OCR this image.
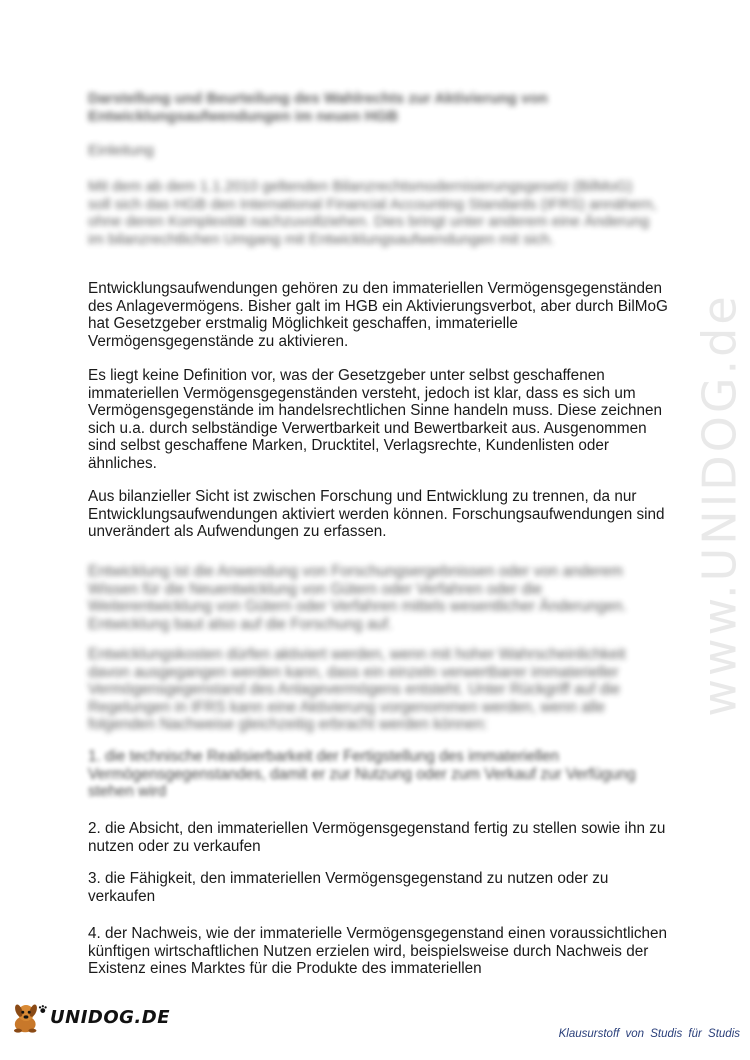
Darstellung und Beurteilung des Wahlrechts zur Aktivierung von Entwicklungsaufwendungen im neuen HGB
Einleitung
Mit dem ab dem 1.1.2010 geltenden Bilanzrechtsmodernisierungsgesetz (BilMoG) soll sich das HGB den International Financial Accounting Standards (IFRS) annähern, ohne deren Komplexität nachzuvollziehen. Dies bringt unter anderem eine Änderung im bilanzrechtlichen Umgang mit Entwicklungsaufwendungen mit sich.

Entwicklungsaufwendungen gehören zu den immateriellen Vermögensgegenständen des Anlagevermögens. Bisher galt im HGB ein Aktivierungsverbot, aber durch BilMoG hat Gesetzgeber erstmalig Möglichkeit geschaffen, immaterielle Vermögensgegenstände zu aktivieren.

Es liegt keine Definition vor, was der Gesetzgeber unter selbst geschaffenen immateriellen Vermögensgegenständen versteht, jedoch ist klar, dass es sich um Vermögensgegenstände im handelsrechtlichen Sinne handeln muss. Diese zeichnen sich u.a. durch selbständige Verwertbarkeit und Bewertbarkeit aus. Ausgenommen sind selbst geschaffene Marken, Drucktitel, Verlagsrechte, Kundenlisten oder ähnliches.

Aus bilanzieller Sicht ist zwischen Forschung und Entwicklung zu trennen, da nur Entwicklungsaufwendungen aktiviert werden können. Forschungsaufwendungen sind unverändert als Aufwendungen zu erfassen.

Entwicklung ist die Anwendung von Forschungsergebnissen oder von anderem Wissen für die Neuentwicklung von Gütern oder Verfahren oder die Weiterentwicklung von Gütern oder Verfahren mittels wesentlicher Änderungen. Entwicklung baut also auf die Forschung auf.

Entwicklungskosten dürfen aktiviert werden, wenn mit hoher Wahrscheinlichkeit davon ausgegangen werden kann, dass ein einzeln verwertbarer immaterieller Vermögensgegenstand des Anlagevermögens entsteht. Unter Rückgriff auf die Regelungen in IFRS kann eine Aktivierung vorgenommen werden, wenn alle folgenden Nachweise gleichzeitig erbracht werden können:

1. die technische Realisierbarkeit der Fertigstellung des immateriellen Vermögensgegenstandes, damit er zur Nutzung oder zum Verkauf zur Verfügung stehen wird

2. die Absicht, den immateriellen Vermögensgegenstand fertig zu stellen sowie ihn zu nutzen oder zu verkaufen

3. die Fähigkeit, den immateriellen Vermögensgegenstand zu nutzen oder zu verkaufen

4. der Nachweis, wie der immaterielle Vermögensgegenstand einen voraussichtlichen künftigen wirtschaftlichen Nutzen erzielen wird, beispielsweise durch Nachweis der Existenz eines Marktes für die Produkte des immateriellen

www.UNIDOG.de
UNIDOG.DE
Klausurstoff von Studis für Studis
